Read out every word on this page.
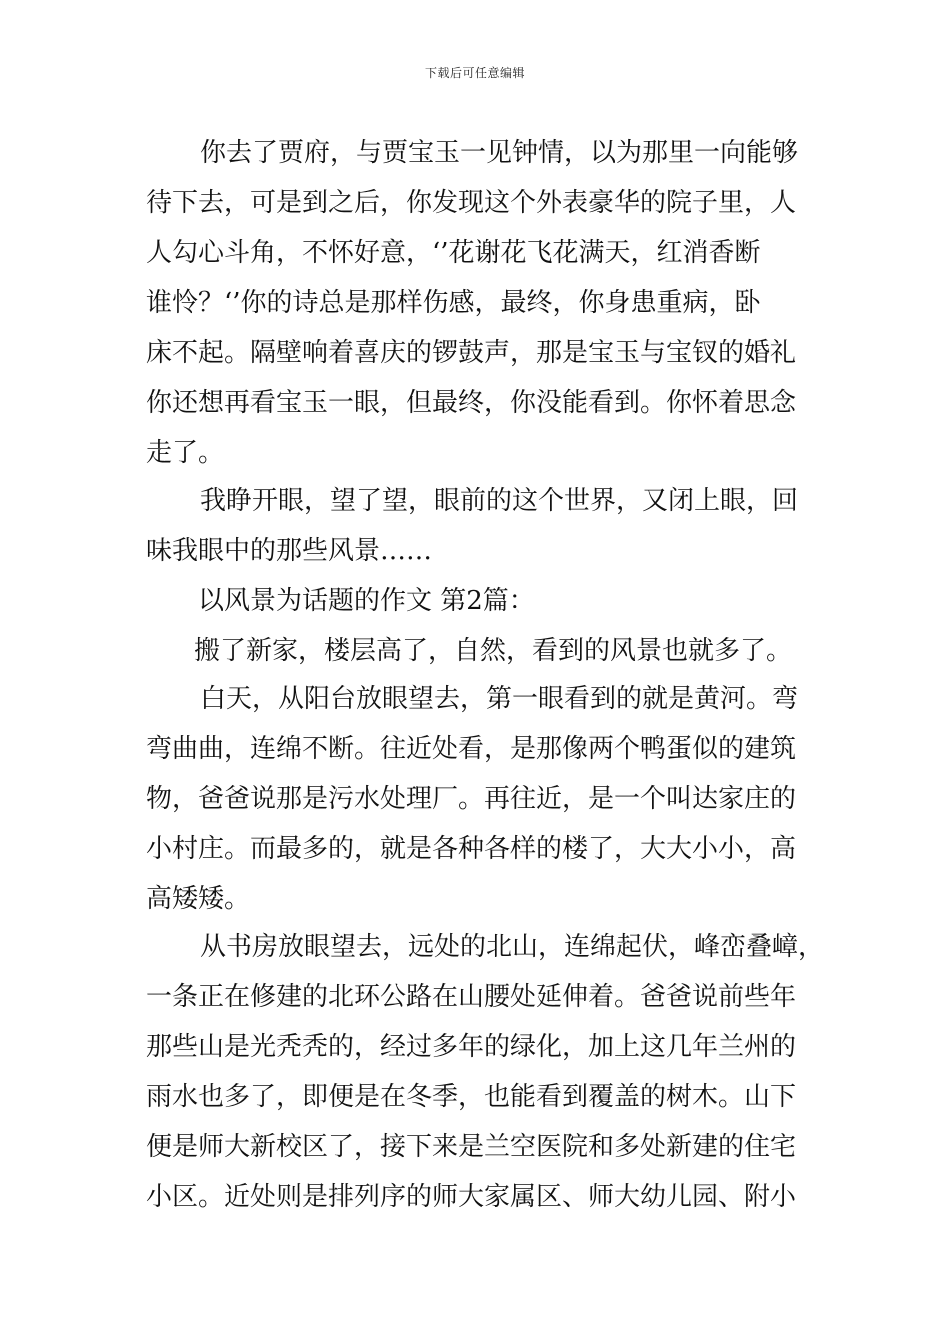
下载后可任意编辑
你去了贾府，与贾宝玉一见钟情，以为那里一向能够
待下去，可是到之后，你发现这个外表豪华的院子里，人
人勾心斗角，不怀好意，‘’花谢花飞花满天，红消香断
谁怜？‘’你的诗总是那样伤感，最终，你身患重病，卧
床不起。隔壁响着喜庆的锣鼓声，那是宝玉与宝钗的婚礼
你还想再看宝玉一眼，但最终，你没能看到。你怀着思念
走了。
我睁开眼，望了望，眼前的这个世界，又闭上眼，回
味我眼中的那些风景……
以风景为话题的作文 第2篇：
搬了新家，楼层高了，自然，看到的风景也就多了。
白天，从阳台放眼望去，第一眼看到的就是黄河。弯
弯曲曲，连绵不断。往近处看，是那像两个鸭蛋似的建筑
物，爸爸说那是污水处理厂。再往近，是一个叫达家庄的
小村庄。而最多的，就是各种各样的楼了，大大小小，高
高矮矮。
从书房放眼望去，远处的北山，连绵起伏，峰峦叠嶂，
一条正在修建的北环公路在山腰处延伸着。爸爸说前些年
那些山是光秃秃的，经过多年的绿化，加上这几年兰州的
雨水也多了，即便是在冬季，也能看到覆盖的树木。山下
便是师大新校区了，接下来是兰空医院和多处新建的住宅
小区。近处则是排列序的师大家属区、师大幼儿园、附小
